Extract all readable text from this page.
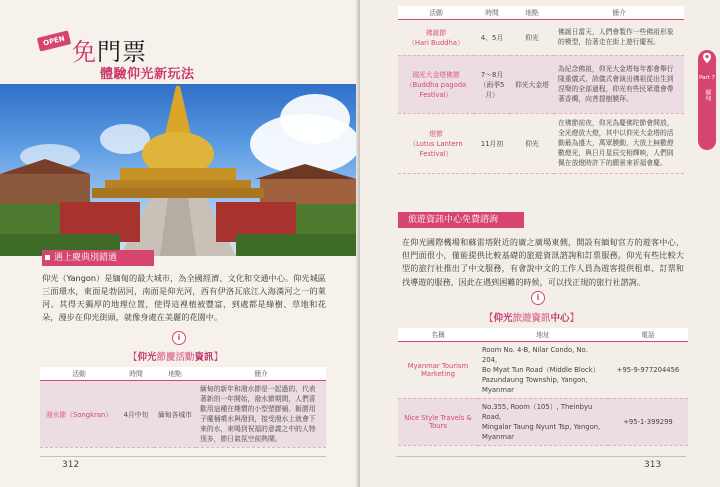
OPEN 免門票
體驗仰光新玩法
遇上慶典別錯過

仰光（Yangon）是緬甸的最大城市，為全國經濟、文化和交通中心。仰光城區三面環水，東面是勃固河，南面是仰光河，西有伊洛瓦底江入海漢河之一的萊河。其得天獨厚的地理位置，使得這裡植被豐富，到處都是綠樹、草地和花朵，漫步在仰光街頭，就像身處在美麗的花園中。

i
【仰光節慶活動資訊】
活動	時間	地點	簡介
潑水節（Songkran）	4月中旬	緬甸各城市	緬甸的新年和潑水節是一起過的，代表著新的一年開始，潑水節期間，人們喜歡用這種在趣慣的小型塑膠桶、飯勝用子魔桶噴水與潑到，接受潑水上就會下來的水，來喝到祝福的意義之中的人特別多，節日氣氛空前熱鬧。
312
活動	時間	地點	簡介
佛誕節
（Hari Buddha）	4、5月	仰光	佛誕日當天，人們會製作一些佛祖形象的模型，抬著走在街上遊行慶祝。
瑞光大金塔佛節
（Buddha pagoda
Festival）	7～8月
（雨季5月）	仰光大金塔	為紀念佛祖，仰光大金塔每年都會舉行隆重儀式，該儀式會演出佛祖從出生到涅槃的全部過程，仰光有些民眾還會帶著香燭，向菩提樹膜拜。
燈節
（Lotus Lantern
Festival）	11月初	仰光	在佛節前夜，仰光為慶佛陀節會開放，全光燈放大燈，其中以仰光大金塔的活動最為盛大，萬眾膜動，大放上無數燈數燈光，與日月星辰交相輝映，人們則佩在放燈時許下的願景來祈福會慶。
旅遊資訊中心免費諮詢

在仰光國際機場和蘇雷塔附近的廣之廣場東側，開設有緬甸官方的遊客中心，但門面很小，僅能提供比較基礎的旅遊資訊諮詢和訂票服務。仰光有些比較大型的旅行社推出了中文服務，有會說中文的工作人員為遊客提供租車、訂票和找導遊的服務，因此在遇到困難的時候，可以找正規的旅行社諮詢。

i
【仰光旅遊資訊中心】
名稱	地址	電話
Myanmar Tourism
Marketing	Room No. 4-B, Nilar Condo, No. 204,
Bo Myat Tun Road（Middle Block）
Pazundaung Township, Yangon,
Myanmar	+95-9-977204456
Nice Style Travels &
Tours	No.355, Room（105）, Theinbyu Road,
Mingalar Taung Nyunt Tsp, Yangon,
Myanmar	+95-1-399299
313
Part 7
緬甸
